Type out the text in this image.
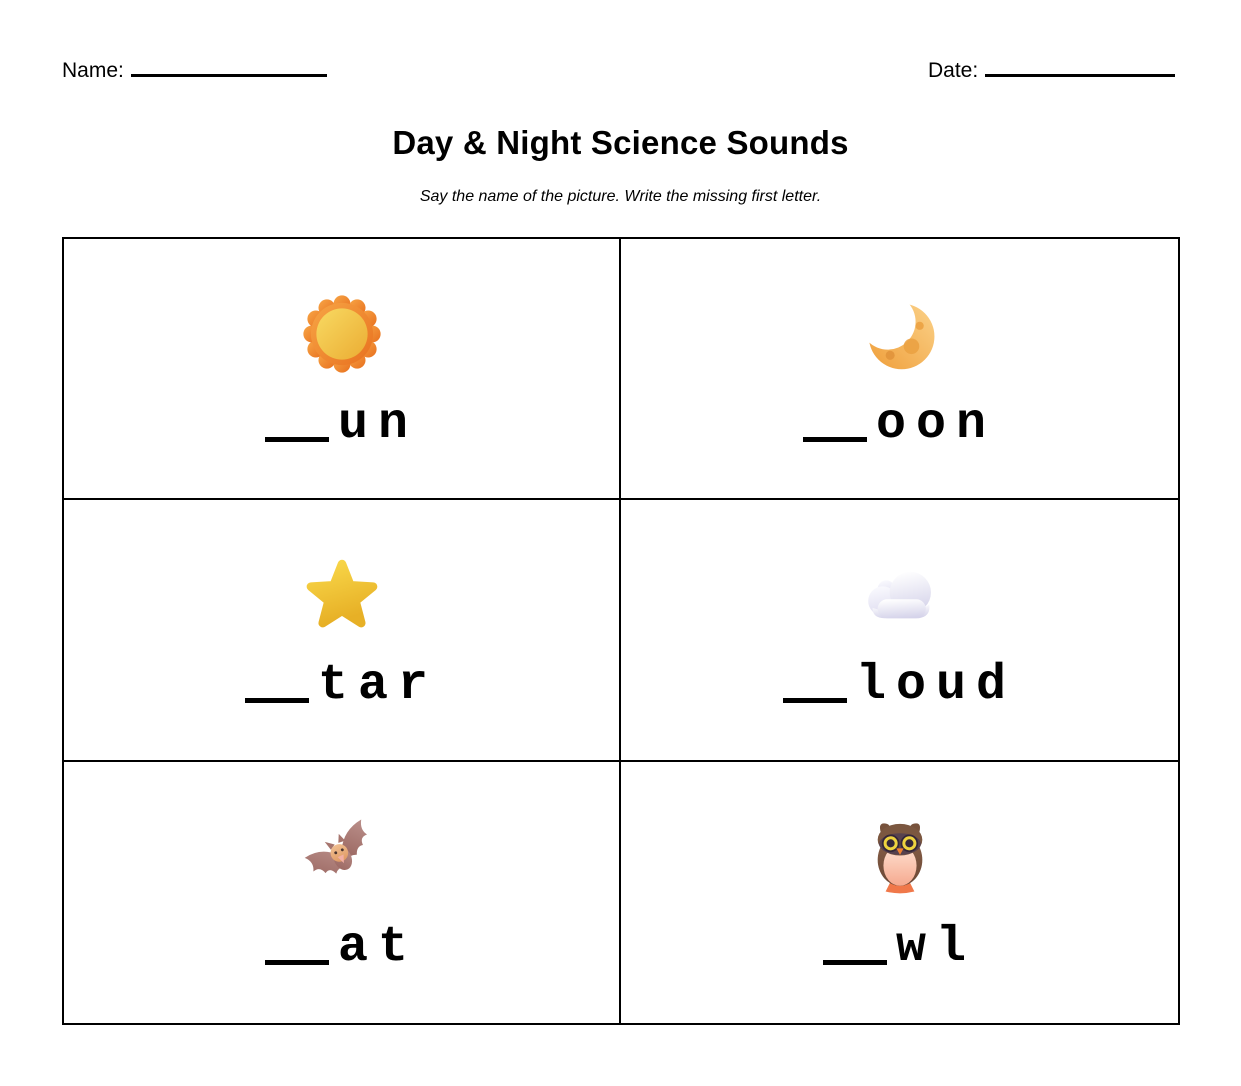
Name:	Date:
Day & Night Science Sounds
Say the name of the picture. Write the missing first letter.
un	oon
tar	loud
at	wl
